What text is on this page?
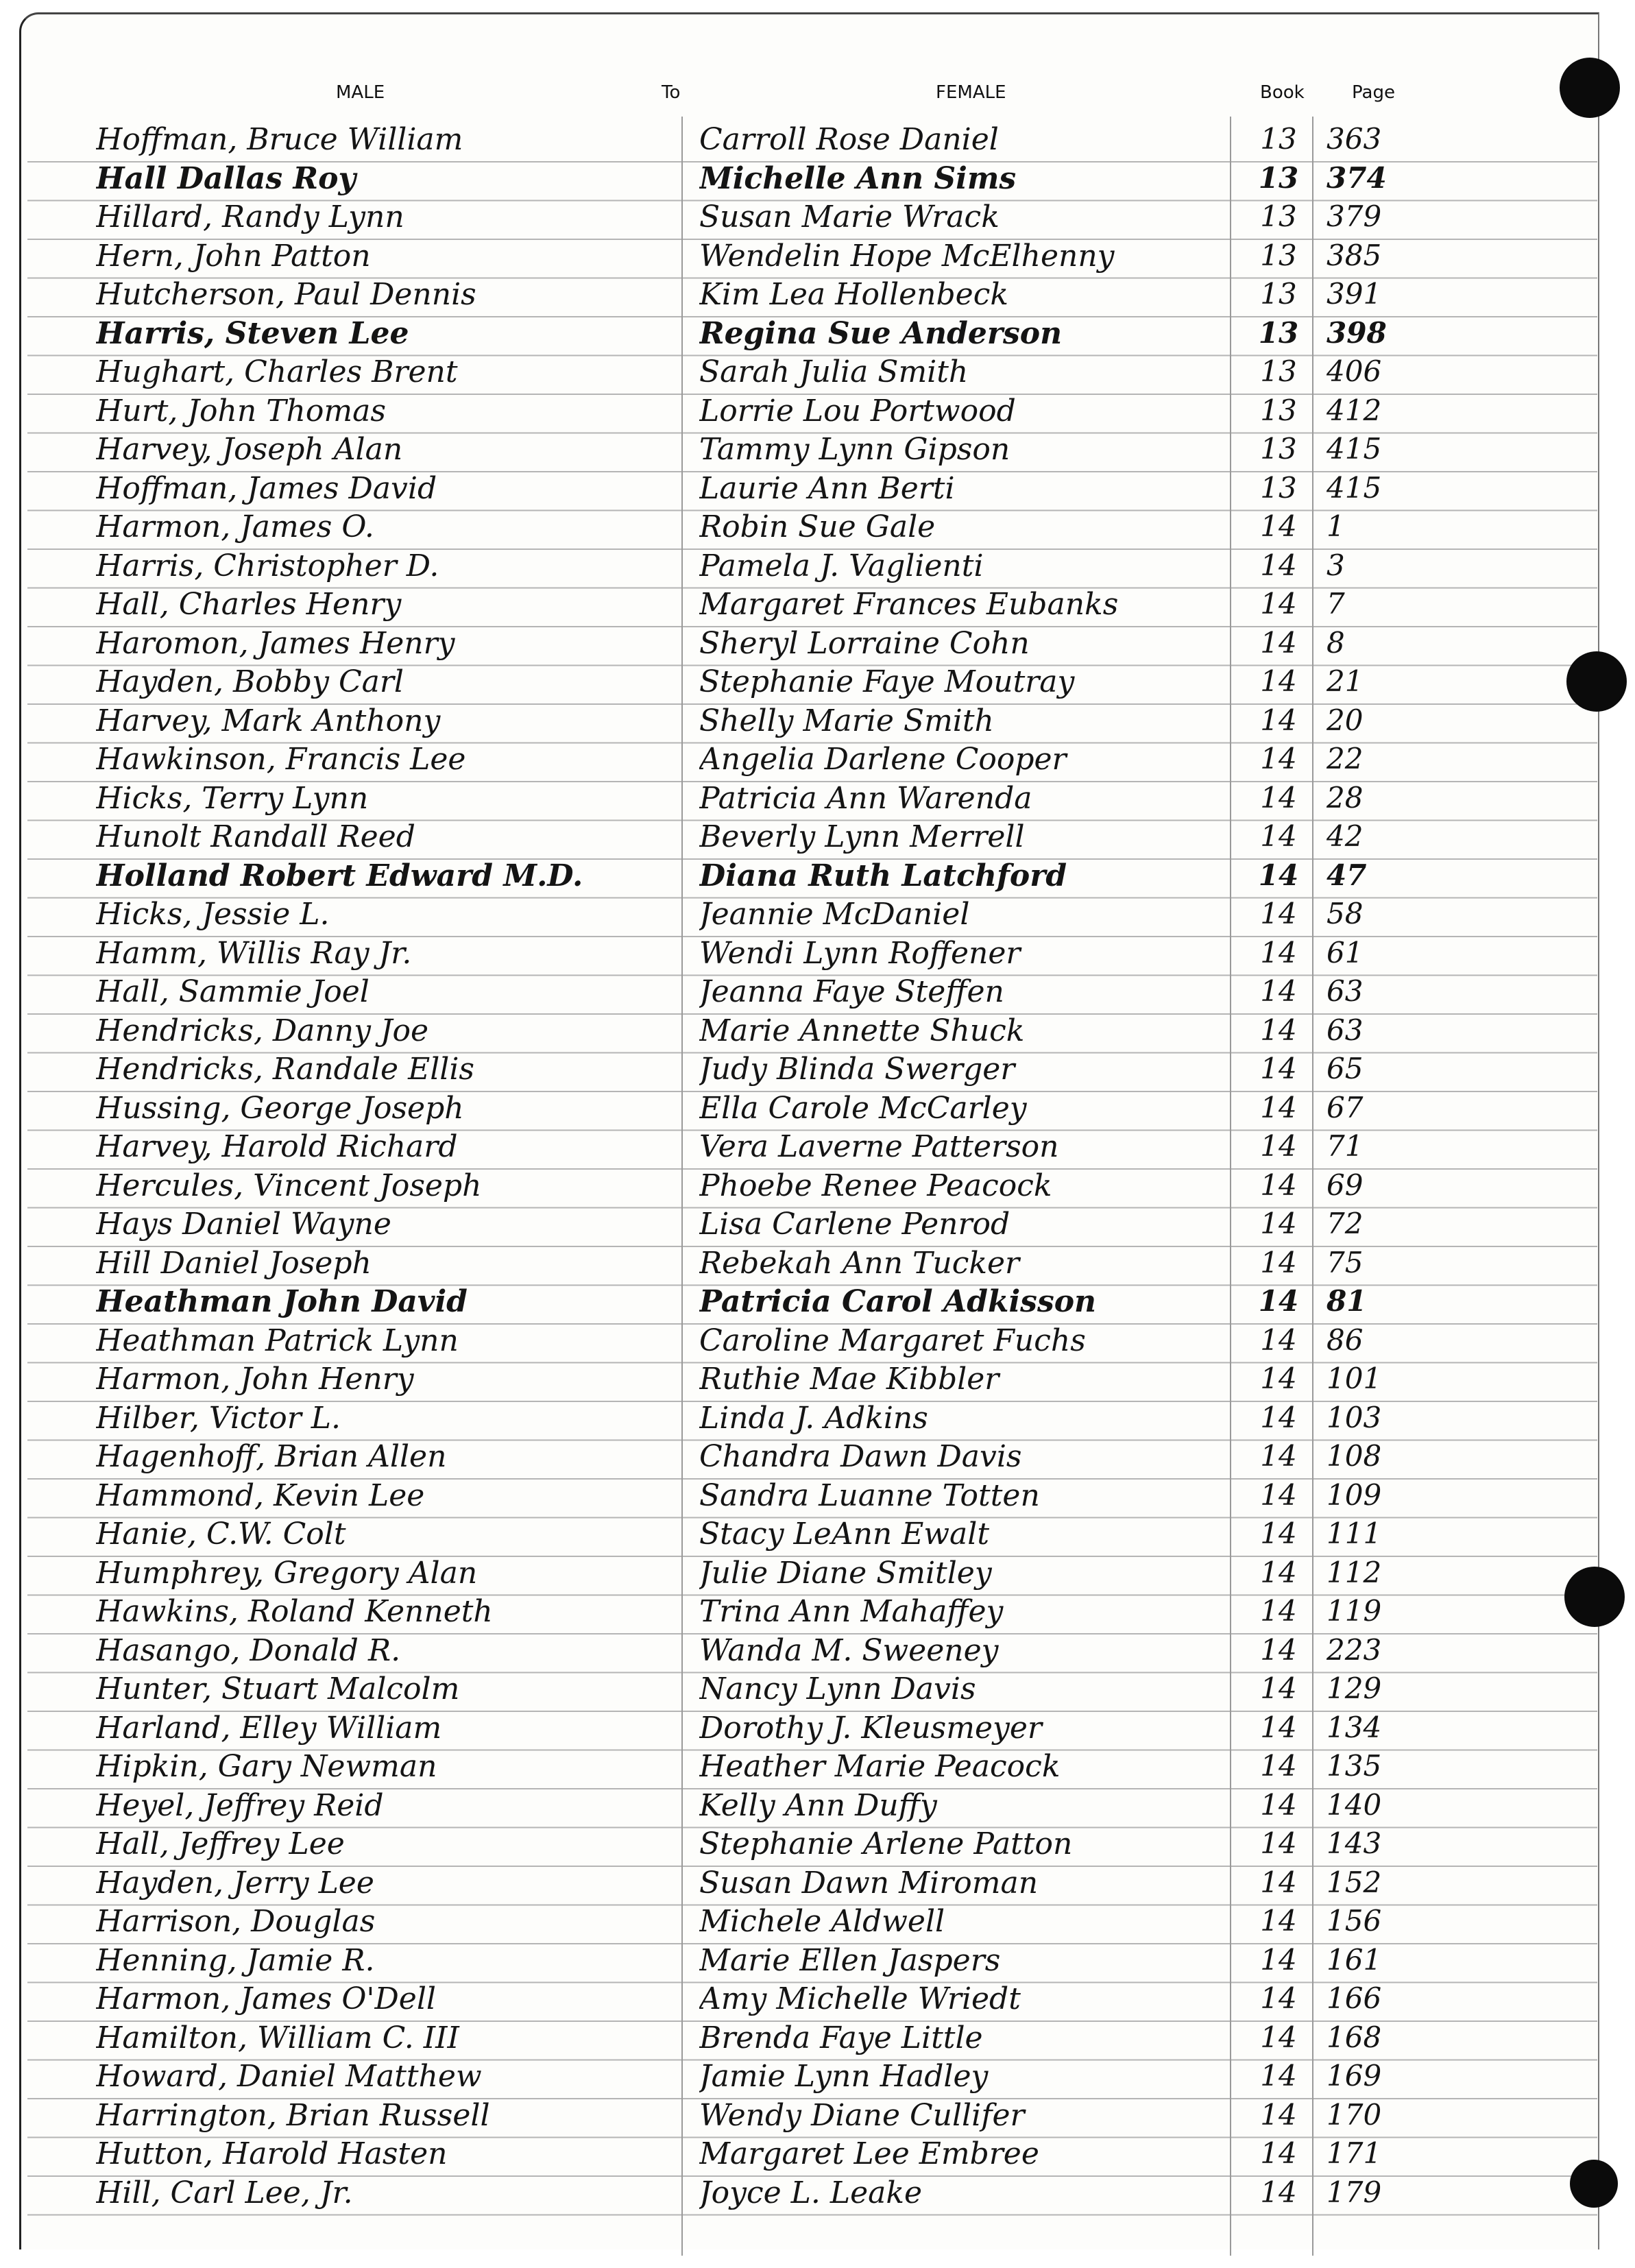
MALE	To	FEMALE	Book	Page
Hoffman, Bruce William	Carroll Rose Daniel	13	363
Hall Dallas Roy	Michelle Ann Sims	13 374
Hillard, Randy Lynn	Susan Marie Wrack	13	379
Hern, John Patton	Wendelin Hope McElhenny	13	385
Hutcherson, Paul Dennis	Kim Lea Hollenbeck	13	391
Harris, Steven Lee	Regina Sue Anderson	13 398
Hughart, Charles Brent	Sarah Julia Smith	13	406
Hurt, John Thomas	Lorrie Lou Portwood	13	412
Harvey, Joseph Alan	Tammy Lynn Gipson	13	415
Hoffman, James David	Laurie Ann Berti	13	415
Harmon, James O.	Robin Sue Gale	14	1
Harris, Christopher D.	Pamela J. Vaglienti	14	3
Hall, Charles Henry	Margaret Frances Eubanks	14	7
Haromon, James Henry	Sheryl Lorraine Cohn	14	8
Hayden, Bobby Carl	Stephanie Faye Moutray	14	21
Harvey, Mark Anthony	Shelly Marie Smith	14	20
Hawkinson, Francis Lee	Angelia Darlene Cooper	14	22
Hicks, Terry Lynn	Patricia Ann Warenda	14	28
Hunolt Randall Reed	Beverly Lynn Merrell	14	42
Holland Robert Edward M.D.	Diana Ruth Latchford	14 47
Hicks, Jessie L.	Jeannie McDaniel	14	58
Hamm, Willis Ray Jr.	Wendi Lynn Roffener	14	61
Hall, Sammie Joel	Jeanna Faye Steffen	14	63
Hendricks, Danny Joe	Marie Annette Shuck	14	63
Hendricks, Randale Ellis	Judy Blinda Swerger	14	65
Hussing, George Joseph	Ella Carole McCarley	14	67
Harvey, Harold Richard	Vera Laverne Patterson	14	71
Hercules, Vincent Joseph	Phoebe Renee Peacock	14	69
Hays Daniel Wayne	Lisa Carlene Penrod	14	72
Hill Daniel Joseph	Rebekah Ann Tucker	14	75
Heathman John David	Patricia Carol Adkisson	14 81
Heathman Patrick Lynn	Caroline Margaret Fuchs	14	86
Harmon, John Henry	Ruthie Mae Kibbler	14	101
Hilber, Victor L.	Linda J. Adkins	14	103
Hagenhoff, Brian Allen	Chandra Dawn Davis	14	108
Hammond, Kevin Lee	Sandra Luanne Totten	14	109
Hanie, C.W. Colt	Stacy LeAnn Ewalt	14	111
Humphrey, Gregory Alan	Julie Diane Smitley	14	112
Hawkins, Roland Kenneth	Trina Ann Mahaffey	14	119
Hasango, Donald R.	Wanda M. Sweeney	14	223
Hunter, Stuart Malcolm	Nancy Lynn Davis	14	129
Harland, Elley William	Dorothy J. Kleusmeyer	14	134
Hipkin, Gary Newman	Heather Marie Peacock	14	135
Heyel, Jeffrey Reid	Kelly Ann Duffy	14	140
Hall, Jeffrey Lee	Stephanie Arlene Patton	14	143
Hayden, Jerry Lee	Susan Dawn Miroman	14	152
Harrison, Douglas	Michele Aldwell	14	156
Henning, Jamie R.	Marie Ellen Jaspers	14	161
Harmon, James O'Dell	Amy Michelle Wriedt	14	166
Hamilton, William C. III	Brenda Faye Little	14	168
Howard, Daniel Matthew	Jamie Lynn Hadley	14	169
Harrington, Brian Russell	Wendy Diane Cullifer	14	170
Hutton, Harold Hasten	Margaret Lee Embree	14	171
Hill, Carl Lee, Jr.	Joyce L. Leake	14	179
